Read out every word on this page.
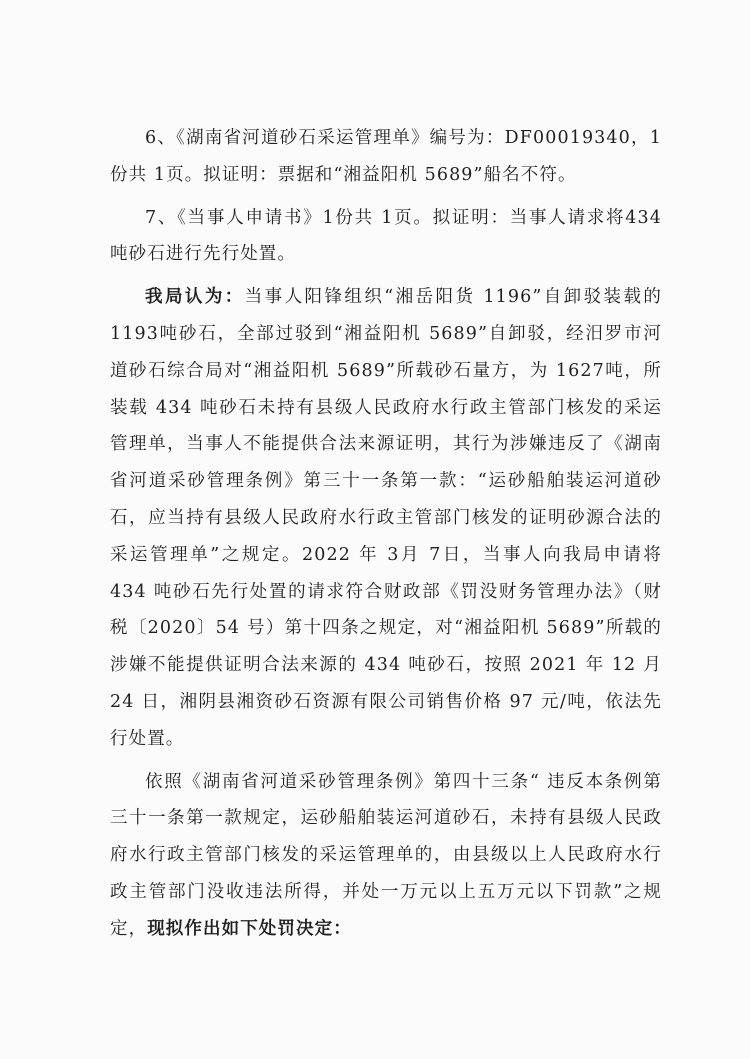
6、《湖南省河道砂石采运管理单》编号为：DF00019340，1份共 1页。拟证明：票据和“湘益阳机 5689”船名不符。

7、《当事人申请书》1份共 1页。拟证明：当事人请求将434 吨砂石进行先行处置。

我局认为：当事人阳锋组织“湘岳阳货 1196”自卸驳装载的 1193吨砂石，全部过驳到“湘益阳机 5689”自卸驳，经汨罗市河道砂石综合局对“湘益阳机 5689”所载砂石量方，为 1627吨，所装载 434 吨砂石未持有县级人民政府水行政主管部门核发的采运管理单，当事人不能提供合法来源证明，其行为涉嫌违反了《湖南省河道采砂管理条例》第三十一条第一款：“运砂船舶装运河道砂石，应当持有县级人民政府水行政主管部门核发的证明砂源合法的采运管理单”之规定。2022 年 3月 7日，当事人向我局申请将 434 吨砂石先行处置的请求符合财政部《罚没财务管理办法》（财税〔2020〕54 号）第十四条之规定，对“湘益阳机 5689”所载的涉嫌不能提供证明合法来源的 434 吨砂石，按照 2021 年 12 月 24 日，湘阴县湘资砂石资源有限公司销售价格 97 元/吨，依法先行处置。

依照《湖南省河道采砂管理条例》第四十三条“ 违反本条例第三十一条第一款规定，运砂船舶装运河道砂石，未持有县级人民政府水行政主管部门核发的采运管理单的，由县级以上人民政府水行政主管部门没收违法所得，并处一万元以上五万元以下罚款”之规定，现拟作出如下处罚决定：
